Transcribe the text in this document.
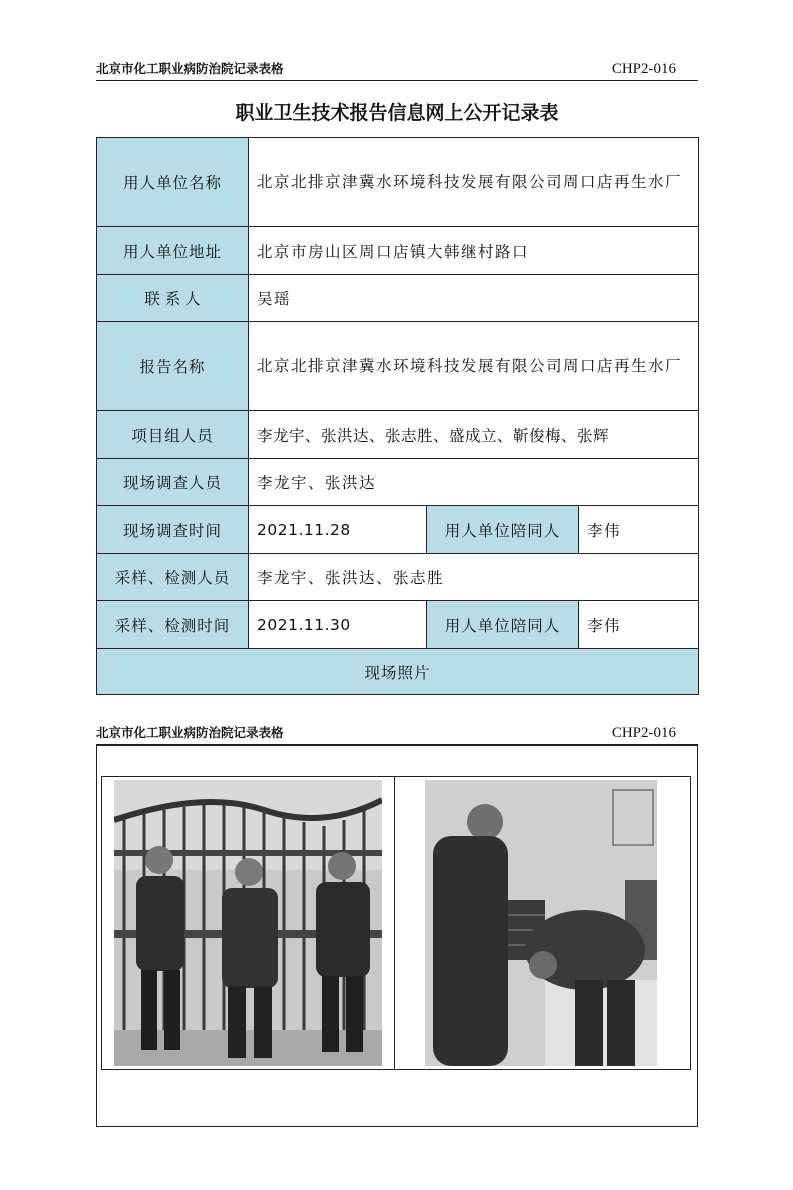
北京市化工职业病防治院记录表格	CHP2-016
职业卫生技术报告信息网上公开记录表
用人单位名称	北京北排京津冀水环境科技发展有限公司周口店再生水厂		
用人单位地址	北京市房山区周口店镇大韩继村路口		
联 系 人	吴瑶		
报告名称	北京北排京津冀水环境科技发展有限公司周口店再生水厂		
项目组人员	李龙宇、张洪达、张志胜、盛成立、靳俊梅、张辉		
现场调查人员	李龙宇、张洪达		
现场调查时间	2021.11.28	用人单位陪同人	李伟
采样、检测人员	李龙宇、张洪达、张志胜		
采样、检测时间	2021.11.30	用人单位陪同人	李伟
现场照片			
北京市化工职业病防治院记录表格	CHP2-016
